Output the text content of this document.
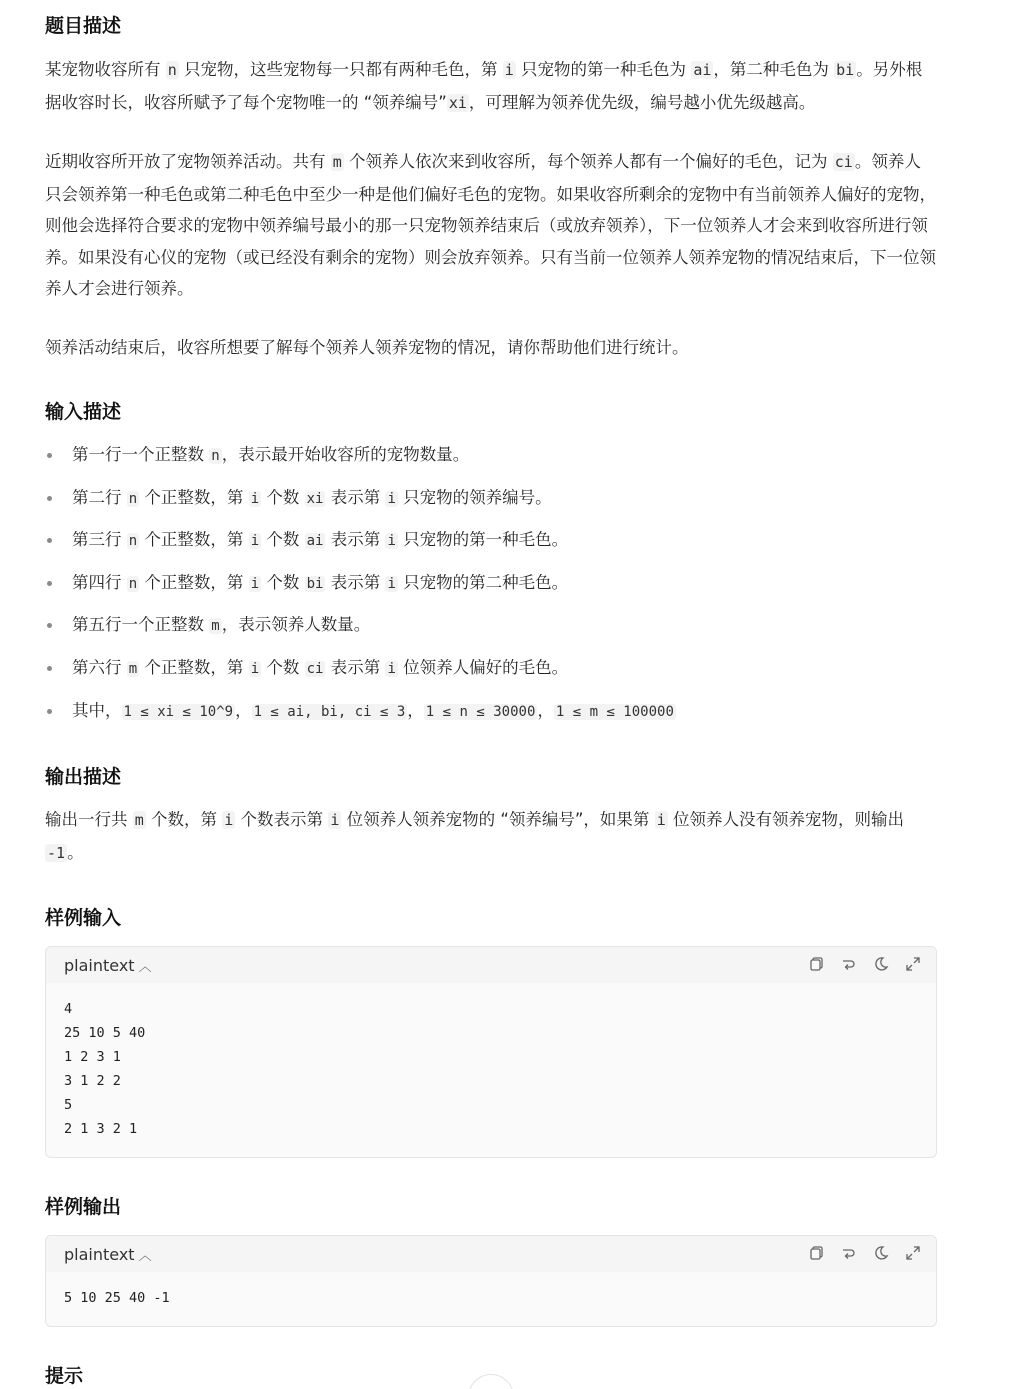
题目描述

某宠物收容所有 n 只宠物，这些宠物每一只都有两种毛色，第 i 只宠物的第一种毛色为 ai ，第二种毛色为 bi 。另外根据收容时长，收容所赋予了每个宠物唯一的 “领养编号” xi ，可理解为领养优先级，编号越小优先级越高。

近期收容所开放了宠物领养活动。共有 m 个领养人依次来到收容所，每个领养人都有一个偏好的毛色，记为 ci 。领养人只会领养第一种毛色或第二种毛色中至少一种是他们偏好毛色的宠物。如果收容所剩余的宠物中有当前领养人偏好的宠物，则他会选择符合要求的宠物中领养编号最小的那一只宠物领养结束后（或放弃领养），下一位领养人才会来到收容所进行领养。如果没有心仪的宠物（或已经没有剩余的宠物）则会放弃领养。只有当前一位领养人领养宠物的情况结束后，下一位领养人才会进行领养。

领养活动结束后，收容所想要了解每个领养人领养宠物的情况，请你帮助他们进行统计。

输入描述
第一行一个正整数 n ，表示最开始收容所的宠物数量。
第二行 n 个正整数，第 i 个数 xi 表示第 i 只宠物的领养编号。
第三行 n 个正整数，第 i 个数 ai 表示第 i 只宠物的第一种毛色。
第四行 n 个正整数，第 i 个数 bi 表示第 i 只宠物的第二种毛色。
第五行一个正整数 m ，表示领养人数量。
第六行 m 个正整数，第 i 个数 ci 表示第 i 位领养人偏好的毛色。
其中， 1 ≤ xi ≤ 10^9 ， 1 ≤ ai, bi, ci ≤ 3 ， 1 ≤ n ≤ 30000 ， 1 ≤ m ≤ 100000
输出描述

输出一行共 m 个数，第 i 个数表示第 i 位领养人领养宠物的 “领养编号”，如果第 i 位领养人没有领养宠物，则输出 -1 。

样例输入
plaintext ︿
4
25 10 5 40
1 2 3 1
3 1 2 2
5
2 1 3 2 1
样例输出
plaintext ︿
5 10 25 40 -1
提示
